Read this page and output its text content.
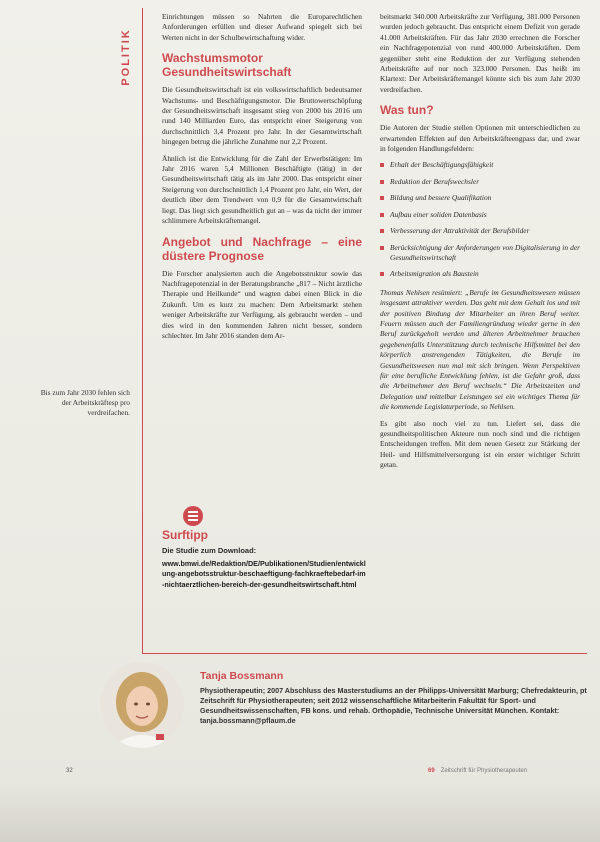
POLITIK

Einrichtungen müssen so Nahrten die Europarechtlichen Anforderungen erfüllen und dieser Aufwand spiegelt sich bei Werten nicht in der Schulbewirtschaftung wider.

Wachstumsmotor Gesundheitswirtschaft

Die Gesundheitswirtschaft ist ein volkswirtschaftlich bedeutsamer Wachstums- und Beschäftigungsmotor. Die Bruttowertschöpfung der Gesundheitswirtschaft insgesamt stieg von 2000 bis 2016 um rund 140 Milliarden Euro, das entspricht einer Steigerung von durchschnittlich 3,4 Prozent pro Jahr. In der Gesamtwirtschaft hingegen betrug die jährliche Zunahme nur 2,2 Prozent.

Ähnlich ist die Entwicklung für die Zahl der Erwerbstätigen: Im Jahr 2016 waren 5,4 Millionen Beschäftigte (tätig) in der Gesundheitswirtschaft tätig als im Jahr 2000. Das entspricht einer Steigerung von durchschnittlich 1,4 Prozent pro Jahr, ein Wert, der deutlich über dem Trendwert von 0,9 für die Gesamtwirtschaft liegt. Das liegt sich gesundheitlich gut an – was da nicht der immer schlimmere Arbeitskräftemangel.

Angebot und Nachfrage – eine düstere Prognose

Die Forscher analysierten auch die Angebotsstruktur sowie das Nachfragepotenzial in der Beratungsbranche „817 – Nicht ärztliche Therapie und Heilkunde“ und wagten dabei einen Blick in die Zukunft. Um es kurz zu machen: Dem Arbeitsmarkt stehen weniger Arbeitskräfte zur Verfügung, als gebraucht werden – und dies wird in den kommenden Jahren nicht besser, sondern schlechter. Im Jahr 2016 standen dem Ar-

Bis zum Jahr 2030 fehlen sich der Arbeitskräftesp pro verdreifachen.
Surftipp
Die Studie zum Download:
www.bmwi.de/Redaktion/DE/Publikationen/Studien/entwicklung-angebotsstruktur-beschaeftigung-fachkraeftebedarf-im-nichtaerztlichen-bereich-der-gesundheitswirtschaft.html

beitsmarkt 340.000 Arbeitskräfte zur Verfügung, 381.000 Personen wurden jedoch gebraucht. Das entspricht einem Defizit von gerade 41.000 Arbeitskräften. Für das Jahr 2030 errechnen die Forscher ein Nachfragepotenzial von rund 400.000 Arbeitskräften. Dem gegenüber steht eine Reduktion der zur Verfügung stehenden Arbeitskräfte auf nur noch 323.000 Personen. Das heißt im Klartext: Der Arbeitskräftemangel könnte sich bis zum Jahr 2030 verdreifachen.

Was tun?

Die Autoren der Studie stellen Optionen mit unterschiedlichen zu erwartenden Effekten auf den Arbeitskräfteengpass dar, und zwar in folgenden Handlungsfeldern:

Erhalt der Beschäftigungsfähigkeit
Reduktion der Berufswechsler
Bildung und bessere Qualifikation
Aufbau einer soliden Datenbasis
Verbesserung der Attraktivität der Berufsbilder
Berücksichtigung der Anforderungen von Digitalisierung in der Gesundheitswirtschaft
Arbeitsmigration als Baustein

Thomas Nehlsen resümiert: „Berufe im Gesundheitswesen müssen insgesamt attraktiver werden. Das geht mit dem Gehalt los und mit der positiven Bindung der Mitarbeiter an ihren Beruf weiter. Feuern müssen auch der Familiengründung wieder gerne in den Beruf zurückgeholt werden und älteren Arbeitnehmer brauchen gegebenenfalls Unterstützung durch technische Hilfsmittel bei den körperlich anstrengenden Tätigkeiten, die Berufe im Gesundheitswesen nun mal mit sich bringen. Wenn Perspektiven für eine berufliche Entwicklung fehlen, ist die Gefahr groß, dass die Arbeitnehmer den Beruf wechseln.“ Die Arbeitszeiten und Delegation und mittelbar Leistungen sei ein wichtiges Thema für die kommende Legislaturperiode, so Nehlsen.

Es gibt also noch viel zu tun. Liefert sei, dass die gesundheitspolitischen Akteure nun noch sind und die richtigen Entscheidungen treffen. Mit dem neuen Gesetz zur Stärkung der Heil- und Hilfsmittelversorgung ist ein erster wichtiger Schritt getan.

Tanja Bossmann
Physiotherapeutin; 2007 Abschluss des Masterstudiums an der Philipps-Universität Marburg; Chefredakteurin, pt Zeitschrift für Physiotherapeuten; seit 2012 wissenschaftliche Mitarbeiterin Fakultät für Sport- und Gesundheitswissenschaften, FB kons. und rehab. Orthopädie, Technische Universität München. Kontakt: tanja.bossmann@pflaum.de
32	69 Zeitschrift für Physiotherapeuten
